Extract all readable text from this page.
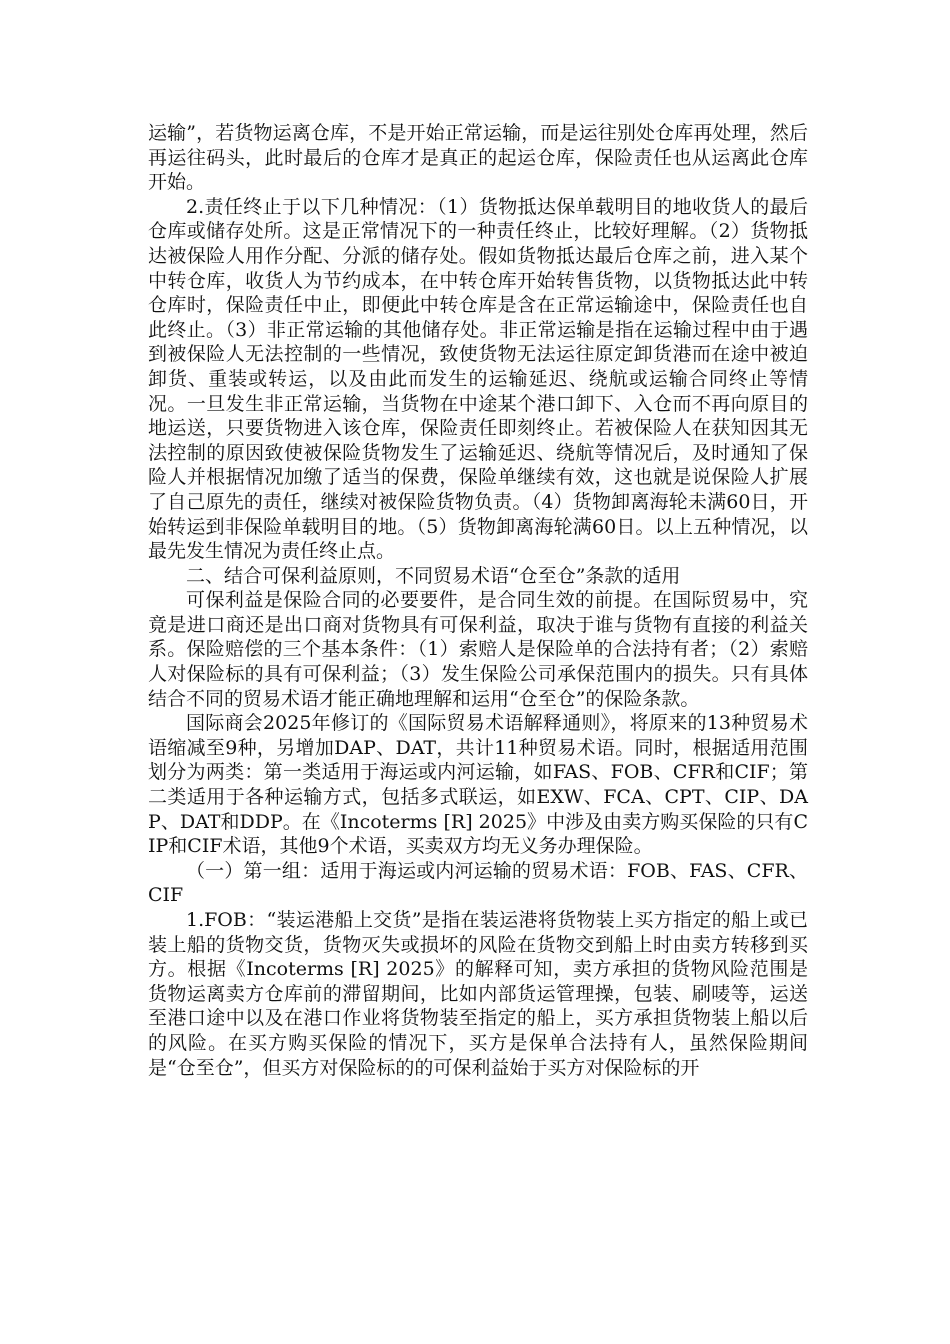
运输”，若货物运离仓库，不是开始正常运输，而是运往别处仓库再处理，然后再运往码头，此时最后的仓库才是真正的起运仓库，保险责任也从运离此仓库开始。

2.责任终止于以下几种情况：（1）货物抵达保单载明目的地收货人的最后仓库或储存处所。这是正常情况下的一种责任终止，比较好理解。（2）货物抵达被保险人用作分配、分派的储存处。假如货物抵达最后仓库之前，进入某个中转仓库，收货人为节约成本，在中转仓库开始转售货物，以货物抵达此中转仓库时，保险责任中止，即便此中转仓库是含在正常运输途中，保险责任也自此终止。（3）非正常运输的其他储存处。非正常运输是指在运输过程中由于遇到被保险人无法控制的一些情况，致使货物无法运往原定卸货港而在途中被迫卸货、重装或转运，以及由此而发生的运输延迟、绕航或运输合同终止等情况。一旦发生非正常运输，当货物在中途某个港口卸下、入仓而不再向原目的地运送，只要货物进入该仓库，保险责任即刻终止。若被保险人在获知因其无法控制的原因致使被保险货物发生了运输延迟、绕航等情况后，及时通知了保险人并根据情况加缴了适当的保费，保险单继续有效，这也就是说保险人扩展了自己原先的责任，继续对被保险货物负责。（4）货物卸离海轮未满60日，开始转运到非保险单载明目的地。（5）货物卸离海轮满60日。以上五种情况，以最先发生情况为责任终止点。

二、结合可保利益原则，不同贸易术语“仓至仓”条款的适用

可保利益是保险合同的必要要件，是合同生效的前提。在国际贸易中，究竟是进口商还是出口商对货物具有可保利益，取决于谁与货物有直接的利益关系。保险赔偿的三个基本条件：（1）索赔人是保险单的合法持有者；（2）索赔人对保险标的具有可保利益；（3）发生保险公司承保范围内的损失。只有具体结合不同的贸易术语才能正确地理解和运用“仓至仓”的保险条款。

国际商会2025年修订的《国际贸易术语解释通则》，将原来的13种贸易术语缩减至9种，另增加DAP、DAT，共计11种贸易术语。同时，根据适用范围划分为两类：第一类适用于海运或内河运输，如FAS、FOB、CFR和CIF；第二类适用于各种运输方式，包括多式联运，如EXW、FCA、CPT、CIP、DAP、DAT和DDP。在《Incoterms [R] 2025》中涉及由卖方购买保险的只有CIP和CIF术语，其他9个术语，买卖双方均无义务办理保险。

（一）第一组：适用于海运或内河运输的贸易术语：FOB、FAS、CFR、CIF

1.FOB：“装运港船上交货”是指在装运港将货物装上买方指定的船上或已装上船的货物交货，货物灭失或损坏的风险在货物交到船上时由卖方转移到买方。根据《Incoterms [R] 2025》的解释可知，卖方承担的货物风险范围是货物运离卖方仓库前的滞留期间，比如内部货运管理操，包装、刷唛等，运送至港口途中以及在港口作业将货物装至指定的船上，买方承担货物装上船以后的风险。在买方购买保险的情况下，买方是保单合法持有人，虽然保险期间是“仓至仓”，但买方对保险标的的可保利益始于买方对保险标的开
